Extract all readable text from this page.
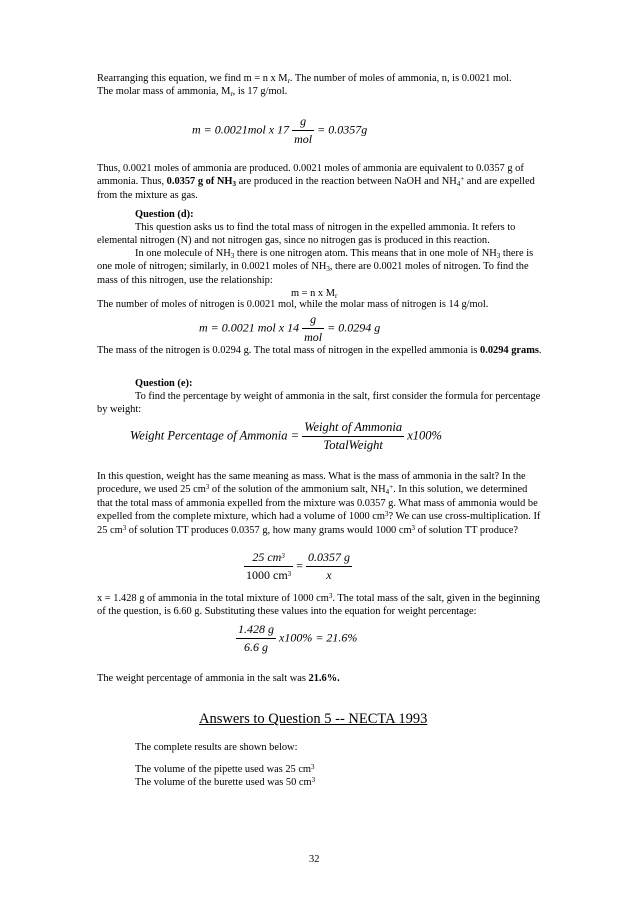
Rearranging this equation, we find m = n x $M_r$. The number of moles of ammonia, n, is 0.0021 mol.
The molar mass of ammonia, $M_r$, is 17 g/mol.

m = 0.0021mol x $17 \frac{g}{\text{mol}} = 0.0357g$

Thus, 0.0021 moles of ammonia are produced. 0.0021 moles of ammonia are equivalent to 0.0357 g of ammonia. Thus, 0.0357 g of $NH_3$ are produced in the reaction between NaOH and $NH_4^+$ and are expelled from the mixture as gas.

Question (d):

This question asks us to find the total mass of nitrogen in the expelled ammonia. It refers to elemental nitrogen (N) and not nitrogen gas, since no nitrogen gas is produced in this reaction.

In one molecule of $NH_3$ there is one nitrogen atom. This means that in one mole of $NH_3$ there is one mole of nitrogen; similarly, in 0.0021 moles of $NH_3$, there are 0.0021 moles of nitrogen. To find the mass of this nitrogen, use the relationship:

m = n x $M_r$

The number of moles of nitrogen is 0.0021 mol, while the molar mass of nitrogen is 14 g/mol.

m = 0.0021 mol x $14 \frac{g}{\text{mol}} = 0.0294$ g

The mass of the nitrogen is 0.0294 g. The total mass of nitrogen in the expelled ammonia is 0.0294 grams.

Question (e):

To find the percentage by weight of ammonia in the salt, first consider the formula for percentage by weight:

Weight Percentage of Ammonia = $\frac{\text{Weight of Ammonia}}{\text{TotalWeight}} x100\%$

In this question, weight has the same meaning as mass. What is the mass of ammonia in the salt? In the procedure, we used 25 $cm^3$ of the solution of the ammonium salt, $NH_4^+$. In this solution, we determined that the total mass of ammonia expelled from the mixture was 0.0357 g. What mass of ammonia would be expelled from the complete mixture, which had a volume of 1000 $cm^3$? We can use cross-multiplication. If 25 $cm^3$ of solution TT produces 0.0357 g, how many grams would 1000 $cm^3$ of solution TT produce?

$\frac{25 cm^3}{1000 cm^3} = \frac{0.0357 g}{x}$

x = 1.428 g of ammonia in the total mixture of 1000 $cm^3$. The total mass of the salt, given in the beginning of the question, is 6.60 g. Substituting these values into the equation for weight percentage:

$\frac{1.428 g}{6.6 g} x100\% = 21.6\%$

The weight percentage of ammonia in the salt was 21.6%.

Answers to Question 5 -- NECTA 1993

The complete results are shown below:

The volume of the pipette used was 25 $cm^3$

The volume of the burette used was 50 $cm^3$

32
